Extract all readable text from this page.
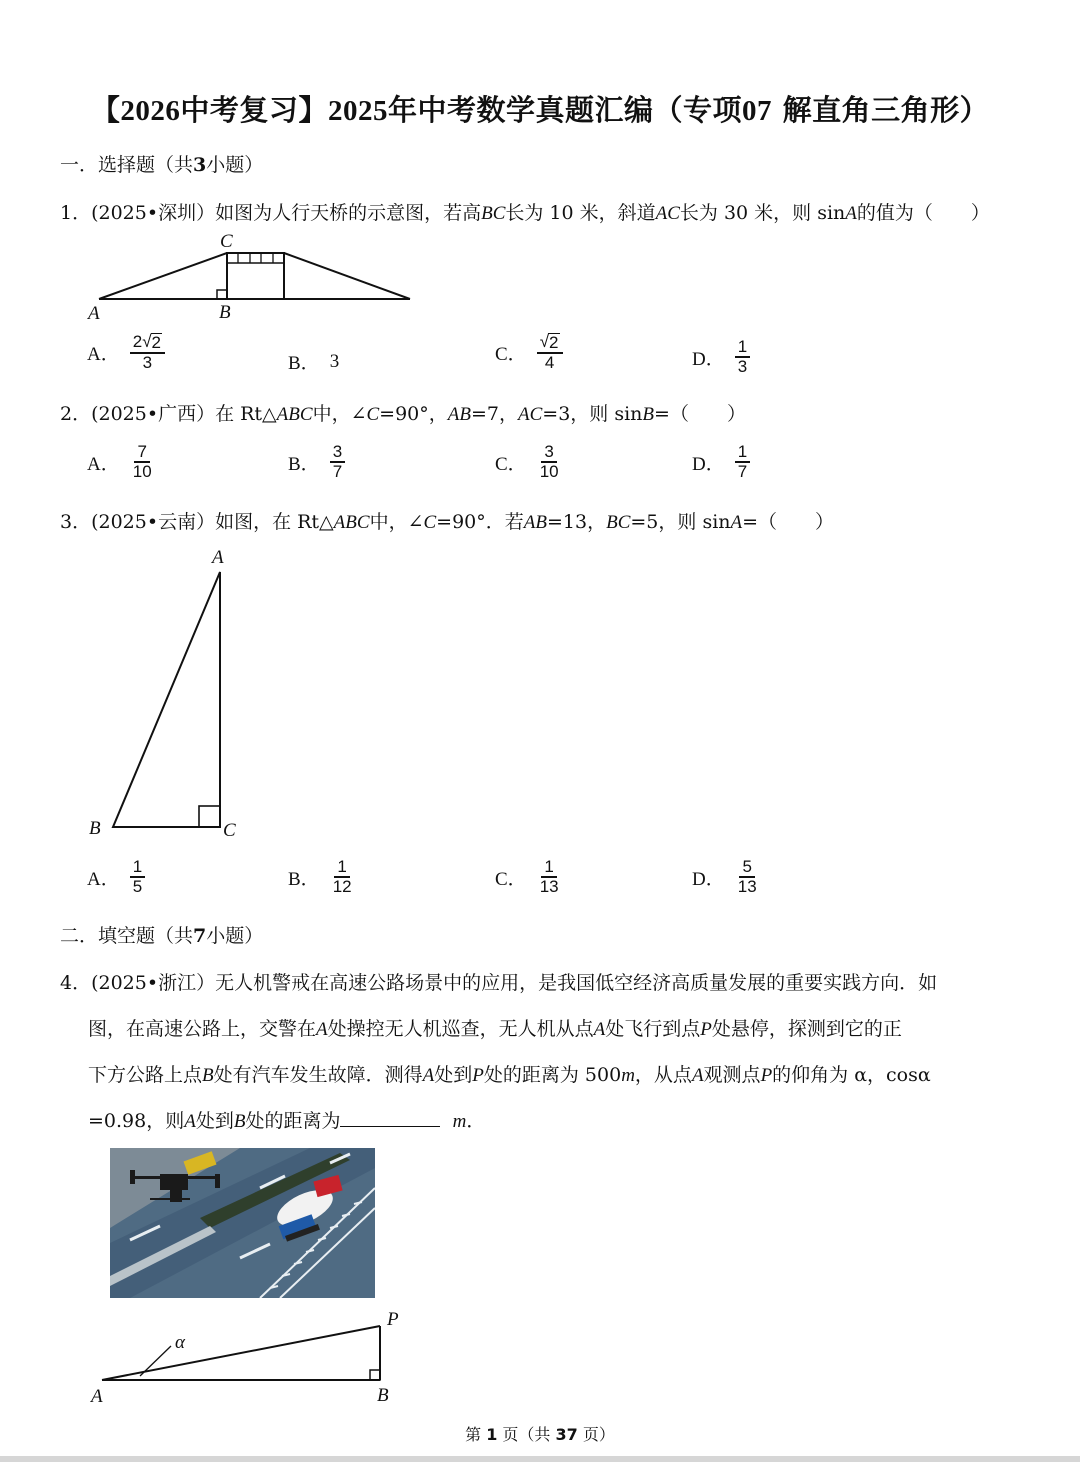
【2026中考复习】2025年中考数学真题汇编（专项07 解直角三角形）
一．选择题（共3小题）
1．(2025•深圳）如图为人行天桥的示意图，若高BC长为 10 米，斜道AC长为 30 米，则 sinA的值为（　　）
A	B
C
A． $\frac{2√ 2}{3}$	B． 3	C． $\frac{√ 2}{4}$	D． $\frac{1}{3}$
2．(2025•广西）在 Rt△ABC中，∠C=90°，AB=7，AC=3，则 sinB=（　　）
A． $\frac{7}{10}$	B． $\frac{3}{7}$	C． $\frac{3}{10}$	D． $\frac{1}{7}$
3．(2025•云南）如图，在 Rt△ABC中，∠C=90°．若AB=13，BC=5，则 sinA=（　　）
A
B	C
A． $\frac{1}{5}$	B． $\frac{1}{12}$	C． $\frac{1}{13}$	D． $\frac{5}{13}$
二．填空题（共7小题）
4．(2025•浙江）无人机警戒在高速公路场景中的应用，是我国低空经济高质量发展的重要实践方向．如
图，在高速公路上，交警在A处操控无人机巡查，无人机从点A处飞行到点P处悬停，探测到它的正
下方公路上点B处有汽车发生故障．测得A处到P处的距离为 500m，从点A观测点P的仰角为 α，cosα
=0.98，则A处到B处的距离为	m．
α
A	B
P
第 1 页（共 37 页）
